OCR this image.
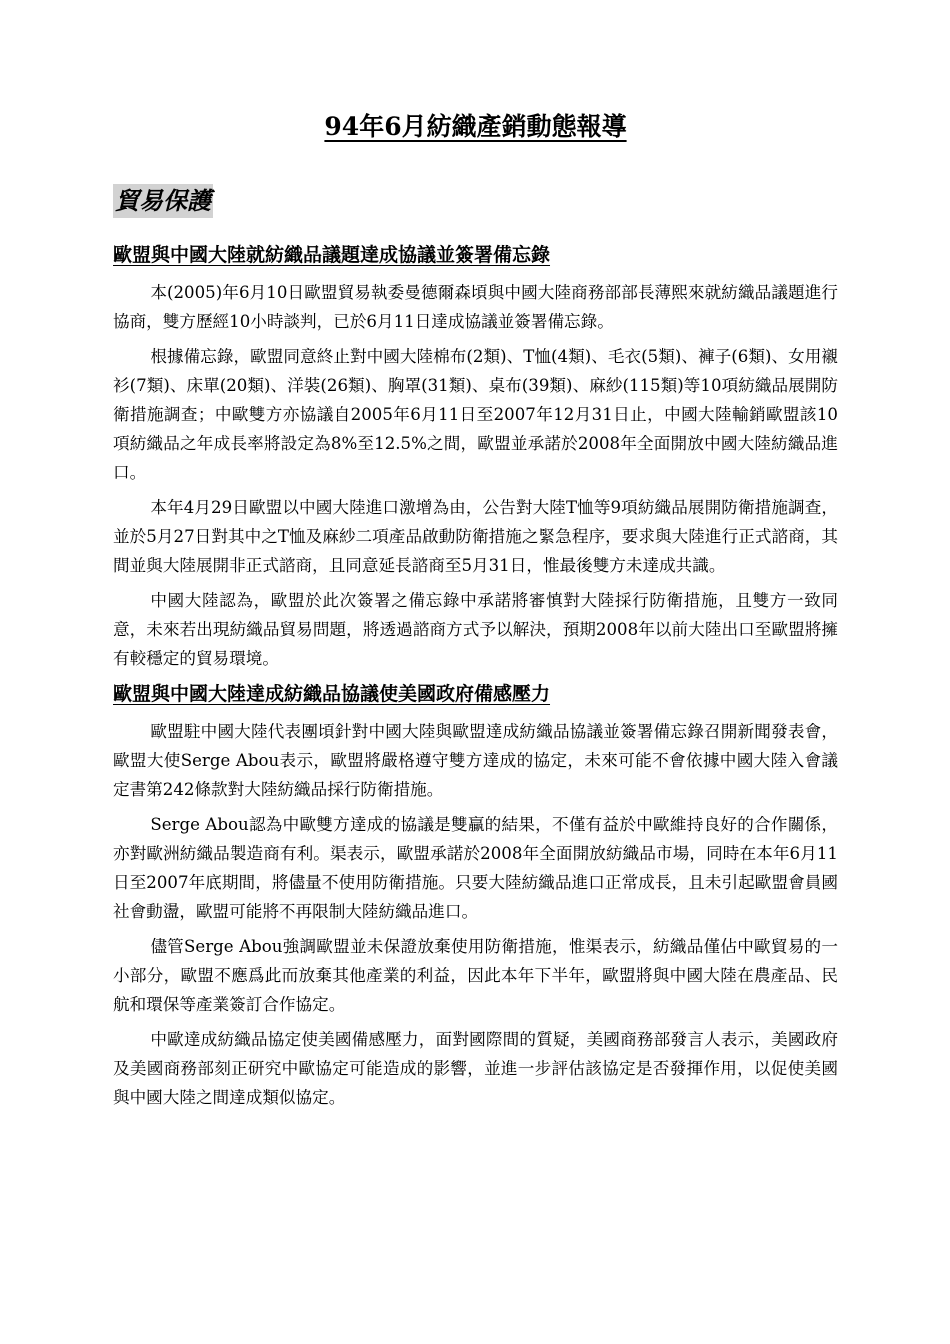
94年6月紡織產銷動態報導
貿易保護
歐盟與中國大陸就紡織品議題達成協議並簽署備忘錄

本(2005)年6月10日歐盟貿易執委曼德爾森頃與中國大陸商務部部長薄熙來就紡織品議題進行協商，雙方歷經10小時談判，已於6月11日達成協議並簽署備忘錄。

根據備忘錄，歐盟同意終止對中國大陸棉布(2類)、T恤(4類)、毛衣(5類)、褲子(6類)、女用襯衫(7類)、床單(20類)、洋裝(26類)、胸罩(31類)、桌布(39類)、麻紗(115類)等10項紡織品展開防衛措施調查；中歐雙方亦協議自2005年6月11日至2007年12月31日止，中國大陸輸銷歐盟該10項紡織品之年成長率將設定為8%至12.5%之間，歐盟並承諾於2008年全面開放中國大陸紡織品進口。

本年4月29日歐盟以中國大陸進口激增為由，公告對大陸T恤等9項紡織品展開防衛措施調查，並於5月27日對其中之T恤及麻紗二項產品啟動防衛措施之緊急程序，要求與大陸進行正式諮商，其間並與大陸展開非正式諮商，且同意延長諮商至5月31日，惟最後雙方未達成共識。

中國大陸認為，歐盟於此次簽署之備忘錄中承諾將審慎對大陸採行防衛措施，且雙方一致同意，未來若出現紡織品貿易問題，將透過諮商方式予以解決，預期2008年以前大陸出口至歐盟將擁有較穩定的貿易環境。

歐盟與中國大陸達成紡織品協議使美國政府備感壓力

歐盟駐中國大陸代表團頃針對中國大陸與歐盟達成紡織品協議並簽署備忘錄召開新聞發表會，歐盟大使Serge Abou表示，歐盟將嚴格遵守雙方達成的協定，未來可能不會依據中國大陸入會議定書第242條款對大陸紡織品採行防衛措施。

Serge Abou認為中歐雙方達成的協議是雙贏的結果，不僅有益於中歐維持良好的合作關係，亦對歐洲紡織品製造商有利。渠表示，歐盟承諾於2008年全面開放紡織品市場，同時在本年6月11日至2007年底期間，將儘量不使用防衛措施。只要大陸紡織品進口正常成長，且未引起歐盟會員國社會動盪，歐盟可能將不再限制大陸紡織品進口。

儘管Serge Abou強調歐盟並未保證放棄使用防衛措施，惟渠表示，紡織品僅佔中歐貿易的一小部分，歐盟不應爲此而放棄其他產業的利益，因此本年下半年，歐盟將與中國大陸在農產品、民航和環保等產業簽訂合作協定。

中歐達成紡織品協定使美國備感壓力，面對國際間的質疑，美國商務部發言人表示，美國政府及美國商務部刻正研究中歐協定可能造成的影響，並進一步評估該協定是否發揮作用，以促使美國與中國大陸之間達成類似協定。
